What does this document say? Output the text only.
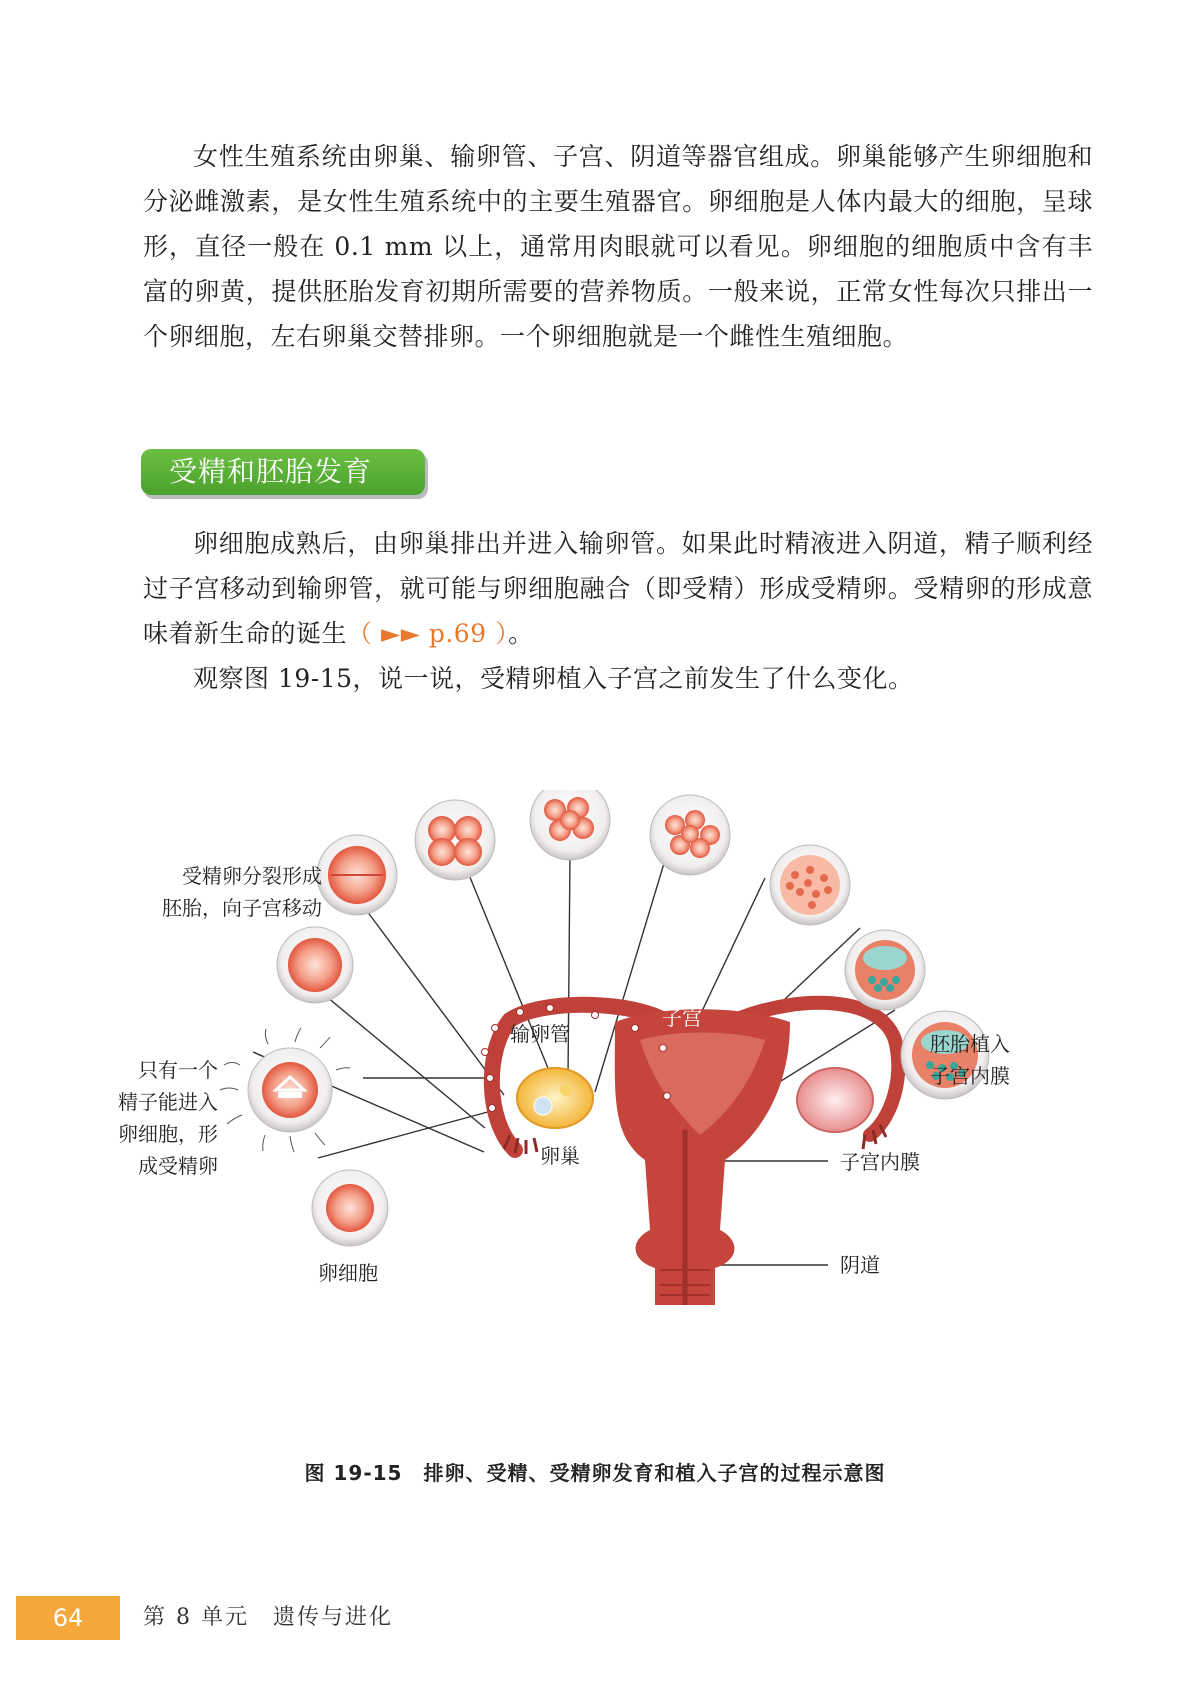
女性生殖系统由卵巢、输卵管、子宫、阴道等器官组成。卵巢能够产生卵细胞和分泌雌激素，是女性生殖系统中的主要生殖器官。卵细胞是人体内最大的细胞，呈球形，直径一般在 0.1 mm 以上，通常用肉眼就可以看见。卵细胞的细胞质中含有丰富的卵黄，提供胚胎发育初期所需要的营养物质。一般来说，正常女性每次只排出一个卵细胞，左右卵巢交替排卵。一个卵细胞就是一个雌性生殖细胞。

受精和胚胎发育

卵细胞成熟后，由卵巢排出并进入输卵管。如果此时精液进入阴道，精子顺利经过子宫移动到输卵管，就可能与卵细胞融合（即受精）形成受精卵。受精卵的形成意味着新生命的诞生（ ►► p.69 ）。

观察图 19-15，说一说，受精卵植入子宫之前发生了什么变化。

受精卵分裂形成
胚胎，向子宫移动
只有一个
精子能进入
卵细胞，形
成受精卵
卵细胞
输卵管
子宫
卵巢	子宫内膜
阴道
胚胎植入
子宫内膜
图 19-15　排卵、受精、受精卵发育和植入子宫的过程示意图
64	第 8 单元　遗传与进化
